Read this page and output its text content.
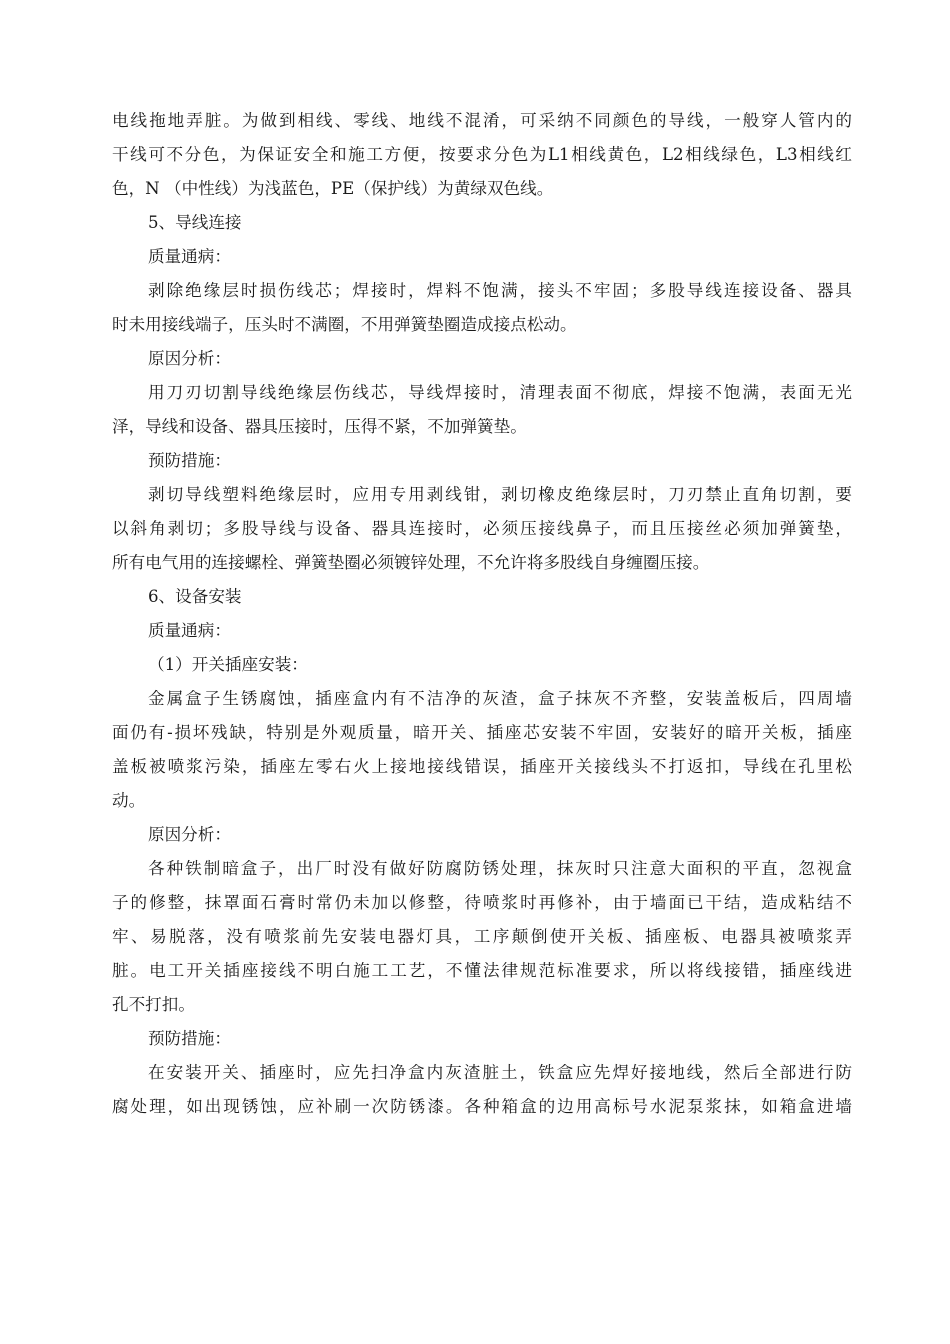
电线拖地弄脏。为做到相线、零线、地线不混淆，可采纳不同颜色的导线，一般穿人管内的
干线可不分色，为保证安全和施工方便，按要求分色为L1相线黄色，L2相线绿色，L3相线红
色，N （中性线）为浅蓝色，PE（保护线）为黄绿双色线。
5、导线连接
质量通病：
剥除绝缘层时损伤线芯；焊接时，焊料不饱满，接头不牢固；多股导线连接设备、器具
时未用接线端子，压头时不满圈，不用弹簧垫圈造成接点松动。
原因分析：
用刀刃切割导线绝缘层伤线芯，导线焊接时，清理表面不彻底，焊接不饱满，表面无光
泽，导线和设备、器具压接时，压得不紧，不加弹簧垫。
预防措施：
剥切导线塑料绝缘层时，应用专用剥线钳，剥切橡皮绝缘层时，刀刃禁止直角切割，要
以斜角剥切；多股导线与设备、器具连接时，必须压接线鼻子，而且压接丝必须加弹簧垫，
所有电气用的连接螺栓、弹簧垫圈必须镀锌处理，不允许将多股线自身缠圈压接。
6、设备安装
质量通病：
（1）开关插座安装：
金属盒子生锈腐蚀，插座盒内有不洁净的灰渣，盒子抹灰不齐整，安装盖板后，四周墙
面仍有-损坏残缺，特别是外观质量，暗开关、插座芯安装不牢固，安装好的暗开关板，插座
盖板被喷浆污染，插座左零右火上接地接线错误，插座开关接线头不打返扣，导线在孔里松
动。
原因分析：
各种铁制暗盒子，出厂时没有做好防腐防锈处理，抹灰时只注意大面积的平直，忽视盒
子的修整，抹罩面石膏时常仍未加以修整，待喷浆时再修补，由于墙面已干结，造成粘结不
牢、易脱落，没有喷浆前先安装电器灯具，工序颠倒使开关板、插座板、电器具被喷浆弄
脏。电工开关插座接线不明白施工工艺，不懂法律规范标准要求，所以将线接错，插座线进
孔不打扣。
预防措施：
在安装开关、插座时，应先扫净盒内灰渣脏土，铁盒应先焊好接地线，然后全部进行防
腐处理，如出现锈蚀，应补刷一次防锈漆。各种箱盒的边用高标号水泥泵浆抹，如箱盒进墙
